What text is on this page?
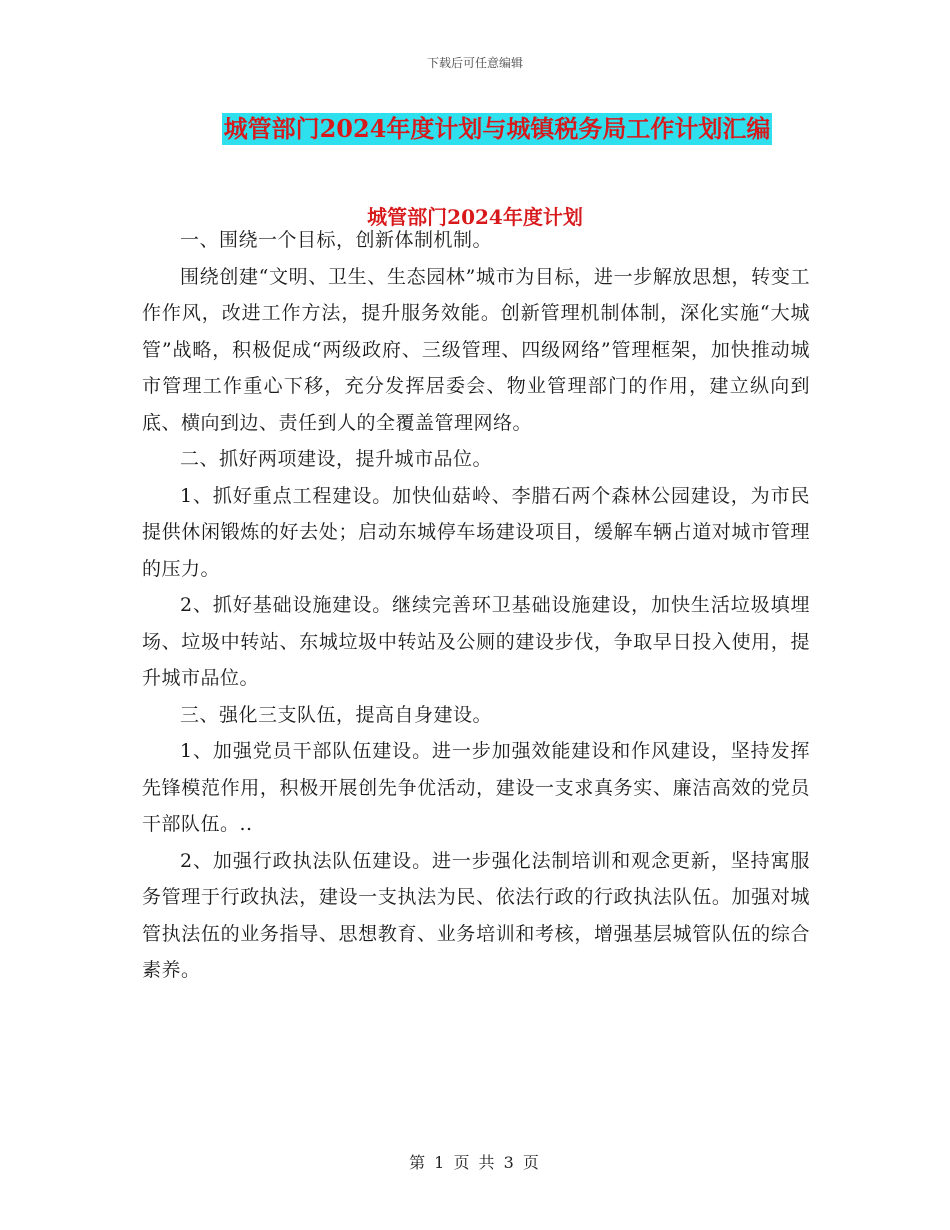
下载后可任意编辑
城管部门2024年度计划与城镇税务局工作计划汇编
城管部门2024年度计划

一、围绕一个目标，创新体制机制。

围绕创建“文明、卫生、生态园林”城市为目标，进一步解放思想，转变工作作风，改进工作方法，提升服务效能。创新管理机制体制，深化实施“大城管”战略，积极促成“两级政府、三级管理、四级网络”管理框架，加快推动城市管理工作重心下移，充分发挥居委会、物业管理部门的作用，建立纵向到底、横向到边、责任到人的全覆盖管理网络。

二、抓好两项建设，提升城市品位。

1、抓好重点工程建设。加快仙菇岭、李腊石两个森林公园建设，为市民提供休闲锻炼的好去处；启动东城停车场建设项目，缓解车辆占道对城市管理的压力。

2、抓好基础设施建设。继续完善环卫基础设施建设，加快生活垃圾填埋场、垃圾中转站、东城垃圾中转站及公厕的建设步伐，争取早日投入使用，提升城市品位。

三、强化三支队伍，提高自身建设。

1、加强党员干部队伍建设。进一步加强效能建设和作风建设，坚持发挥先锋模范作用，积极开展创先争优活动，建设一支求真务实、廉洁高效的党员干部队伍。..

2、加强行政执法队伍建设。进一步强化法制培训和观念更新，坚持寓服务管理于行政执法，建设一支执法为民、依法行政的行政执法队伍。加强对城管执法伍的业务指导、思想教育、业务培训和考核，增强基层城管队伍的综合素养。

第 1 页 共 3 页
